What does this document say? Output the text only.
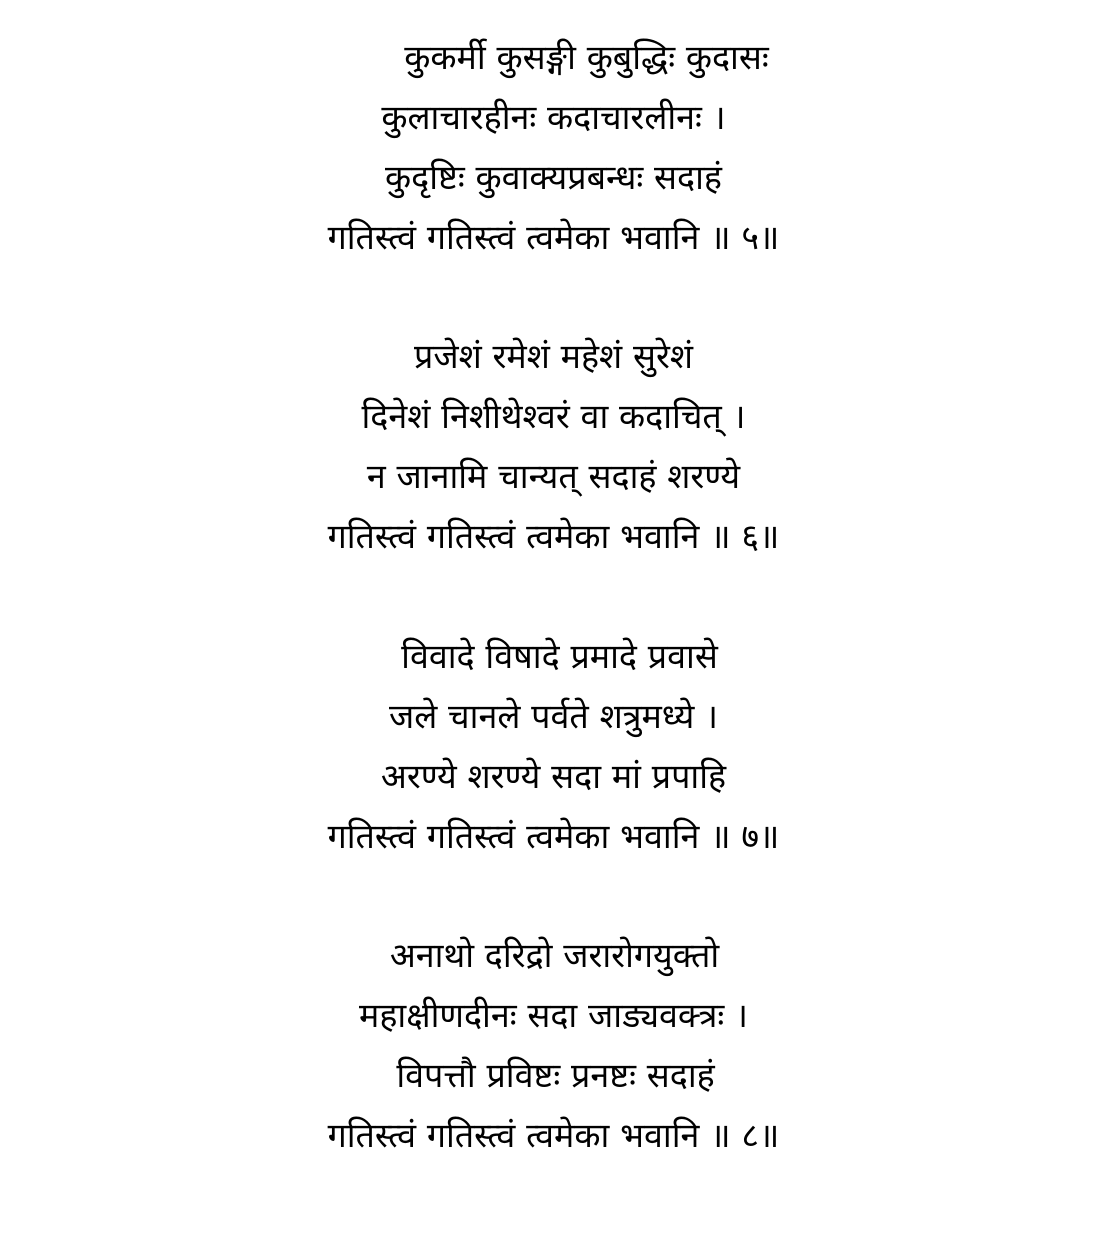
कुकर्मी कुसङ्गी कुबुद्धिः कुदासः
कुलाचारहीनः कदाचारलीनः ।
कुदृष्टिः कुवाक्यप्रबन्धः सदाहं
गतिस्त्वं गतिस्त्वं त्वमेका भवानि ॥ ५॥
प्रजेशं रमेशं महेशं सुरेशं
दिनेशं निशीथेश्वरं वा कदाचित् ।
न जानामि चान्यत् सदाहं शरण्ये
गतिस्त्वं गतिस्त्वं त्वमेका भवानि ॥ ६॥
विवादे विषादे प्रमादे प्रवासे
जले चानले पर्वते शत्रुमध्ये ।
अरण्ये शरण्ये सदा मां प्रपाहि
गतिस्त्वं गतिस्त्वं त्वमेका भवानि ॥ ७॥
अनाथो दरिद्रो जरारोगयुक्तो
महाक्षीणदीनः सदा जाड्यवक्त्रः ।
विपत्तौ प्रविष्टः प्रनष्टः सदाहं
गतिस्त्वं गतिस्त्वं त्वमेका भवानि ॥ ८॥
